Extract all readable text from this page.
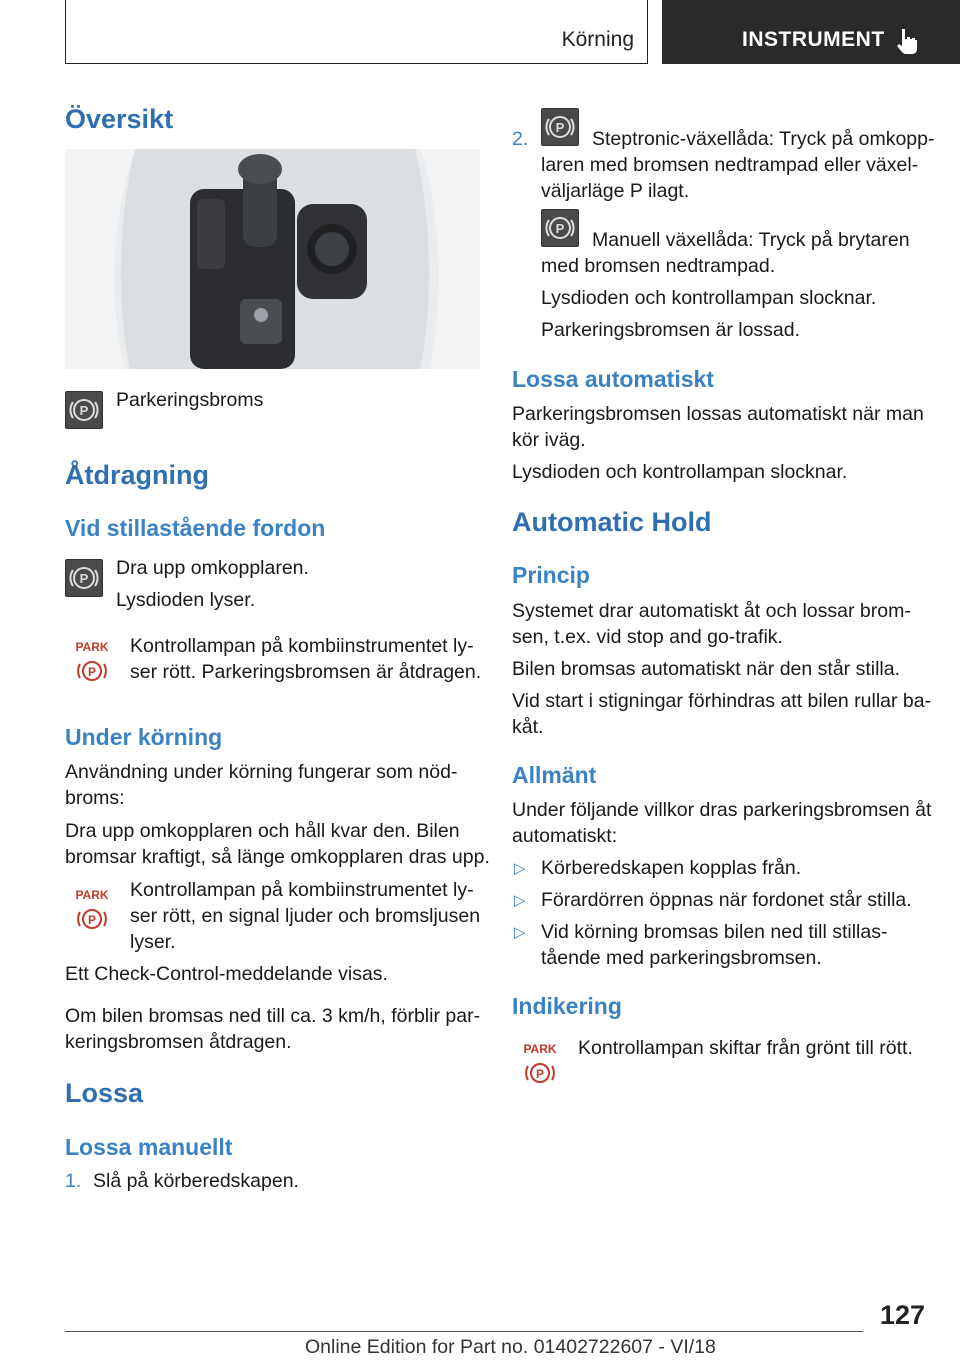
Körning	INSTRUMENT
Översikt
P Parkeringsbroms
Åtdragning
Vid stillastående fordon
P Dra upp omkopplaren.
Lysdioden lyser.
PARK
P
Kontrollampan på kombiinstrumentet ly‐
ser rött. Parkeringsbromsen är åtdragen.
Under körning
Användning under körning fungerar som nöd‐
broms:
Dra upp omkopplaren och håll kvar den. Bilen
bromsar kraftigt, så länge omkopplaren dras upp.
PARK
P
Kontrollampan på kombiinstrumentet ly‐
ser rött, en signal ljuder och bromsljusen
lyser.
Ett Check-Control-meddelande visas.
Om bilen bromsas ned till ca. 3 km/h, förblir par‐
keringsbromsen åtdragen.
Lossa
Lossa manuellt
1. Slå på körberedskapen.
2.
P
Steptronic-växellåda: Tryck på omkopp‐
laren med bromsen nedtrampad eller växel‐
väljarläge P ilagt.
P
Manuell växellåda: Tryck på brytaren
med bromsen nedtrampad.
Lysdioden och kontrollampan slocknar.
Parkeringsbromsen är lossad.
Lossa automatiskt
Parkeringsbromsen lossas automatiskt när man
kör iväg.
Lysdioden och kontrollampan slocknar.
Automatic Hold
Princip
Systemet drar automatiskt åt och lossar brom‐
sen, t.ex. vid stop and go-trafik.
Bilen bromsas automatiskt när den står stilla.
Vid start i stigningar förhindras att bilen rullar ba‐
kåt.
Allmänt
Under följande villkor dras parkeringsbromsen åt
automatiskt:
▷ Körberedskapen kopplas från.
▷ Förardörren öppnas när fordonet står stilla.
▷ Vid körning bromsas bilen ned till stillas‐
tående med parkeringsbromsen.
Indikering
PARK
P
Kontrollampan skiftar från grönt till rött.
127
Online Edition for Part no. 01402722607 - VI/18
